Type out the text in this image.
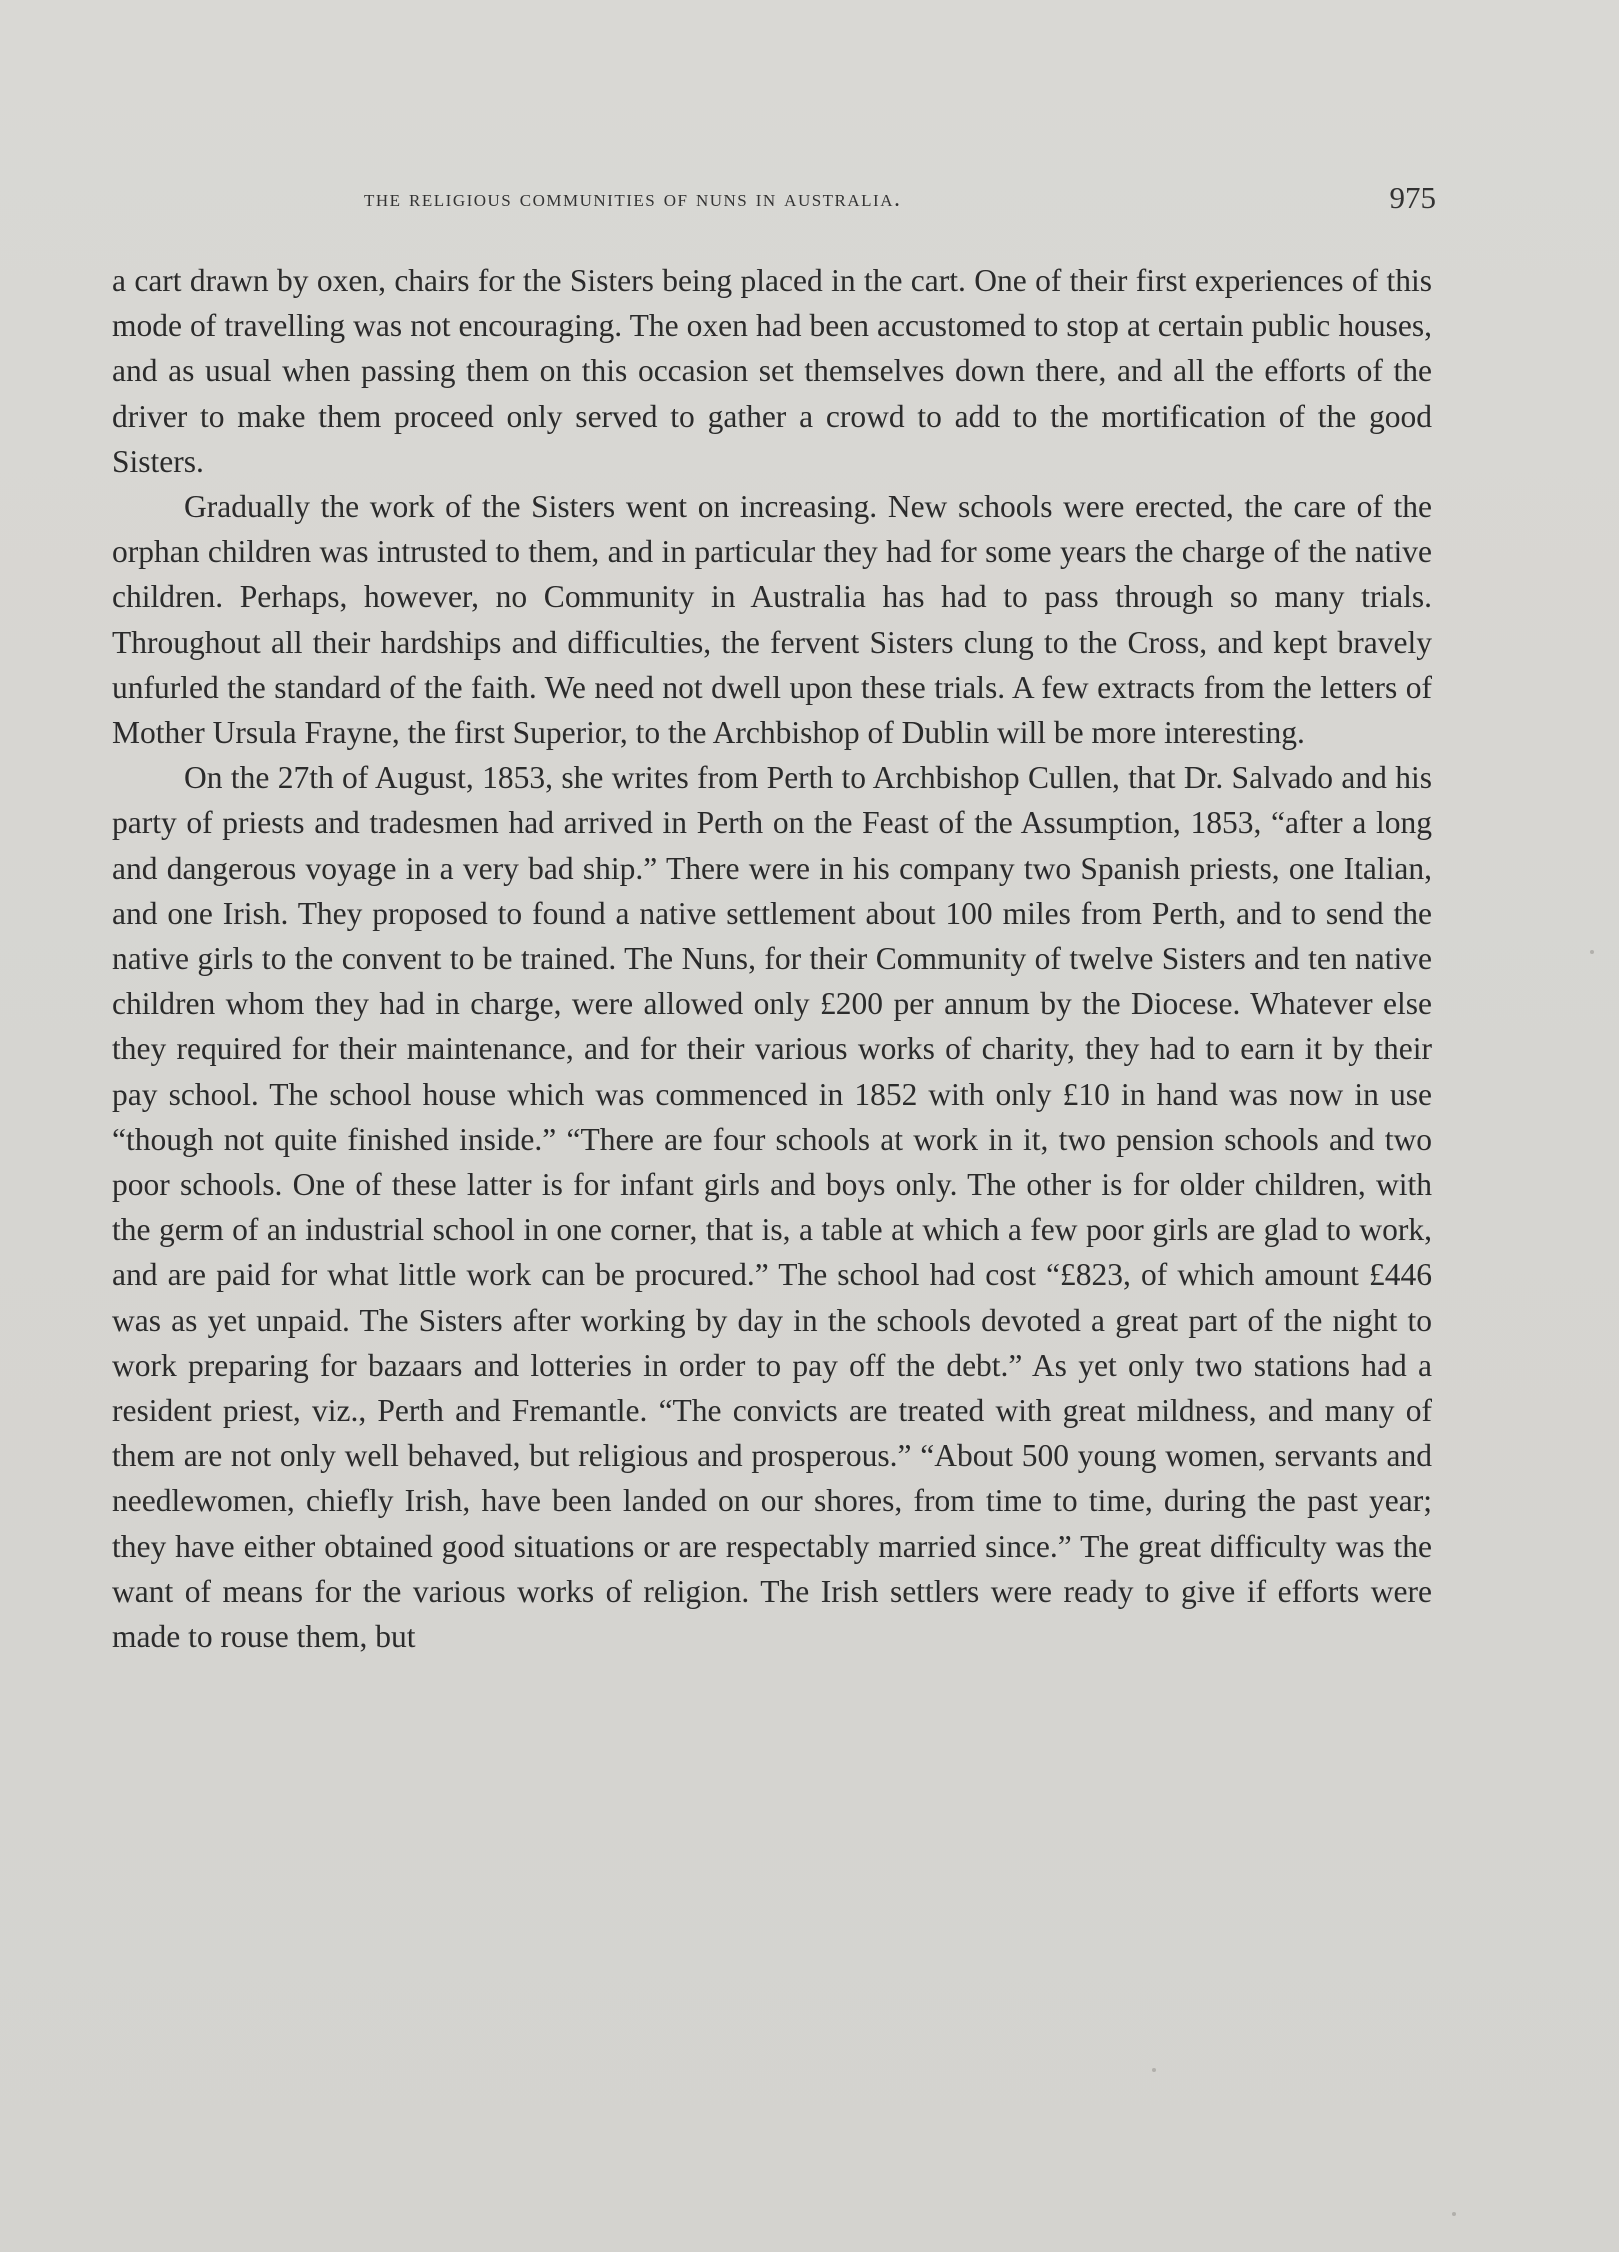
the religious communities of nuns in australia.	975

a cart drawn by oxen, chairs for the Sisters being placed in the cart. One of their first experiences of this mode of travelling was not encouraging. The oxen had been accustomed to stop at certain public houses, and as usual when passing them on this occasion set themselves down there, and all the efforts of the driver to make them proceed only served to gather a crowd to add to the mortification of the good Sisters.

Gradually the work of the Sisters went on increasing. New schools were erected, the care of the orphan children was intrusted to them, and in particular they had for some years the charge of the native children. Perhaps, however, no Community in Australia has had to pass through so many trials. Throughout all their hardships and difficulties, the fervent Sisters clung to the Cross, and kept bravely unfurled the standard of the faith. We need not dwell upon these trials. A few extracts from the letters of Mother Ursula Frayne, the first Superior, to the Archbishop of Dublin will be more interesting.

On the 27th of August, 1853, she writes from Perth to Archbishop Cullen, that Dr. Salvado and his party of priests and tradesmen had arrived in Perth on the Feast of the Assumption, 1853, “after a long and dangerous voyage in a very bad ship.” There were in his company two Spanish priests, one Italian, and one Irish. They proposed to found a native settlement about 100 miles from Perth, and to send the native girls to the convent to be trained. The Nuns, for their Community of twelve Sisters and ten native children whom they had in charge, were allowed only £200 per annum by the Diocese. Whatever else they required for their maintenance, and for their various works of charity, they had to earn it by their pay school. The school house which was commenced in 1852 with only £10 in hand was now in use “though not quite finished inside.” “There are four schools at work in it, two pension schools and two poor schools. One of these latter is for infant girls and boys only. The other is for older children, with the germ of an industrial school in one corner, that is, a table at which a few poor girls are glad to work, and are paid for what little work can be procured.” The school had cost “£823, of which amount £446 was as yet unpaid. The Sisters after working by day in the schools devoted a great part of the night to work preparing for bazaars and lotteries in order to pay off the debt.” As yet only two stations had a resident priest, viz., Perth and Fremantle. “The convicts are treated with great mildness, and many of them are not only well behaved, but religious and prosperous.” “About 500 young women, servants and needlewomen, chiefly Irish, have been landed on our shores, from time to time, during the past year; they have either obtained good situations or are respectably married since.” The great difficulty was the want of means for the various works of religion. The Irish settlers were ready to give if efforts were made to rouse them, but
